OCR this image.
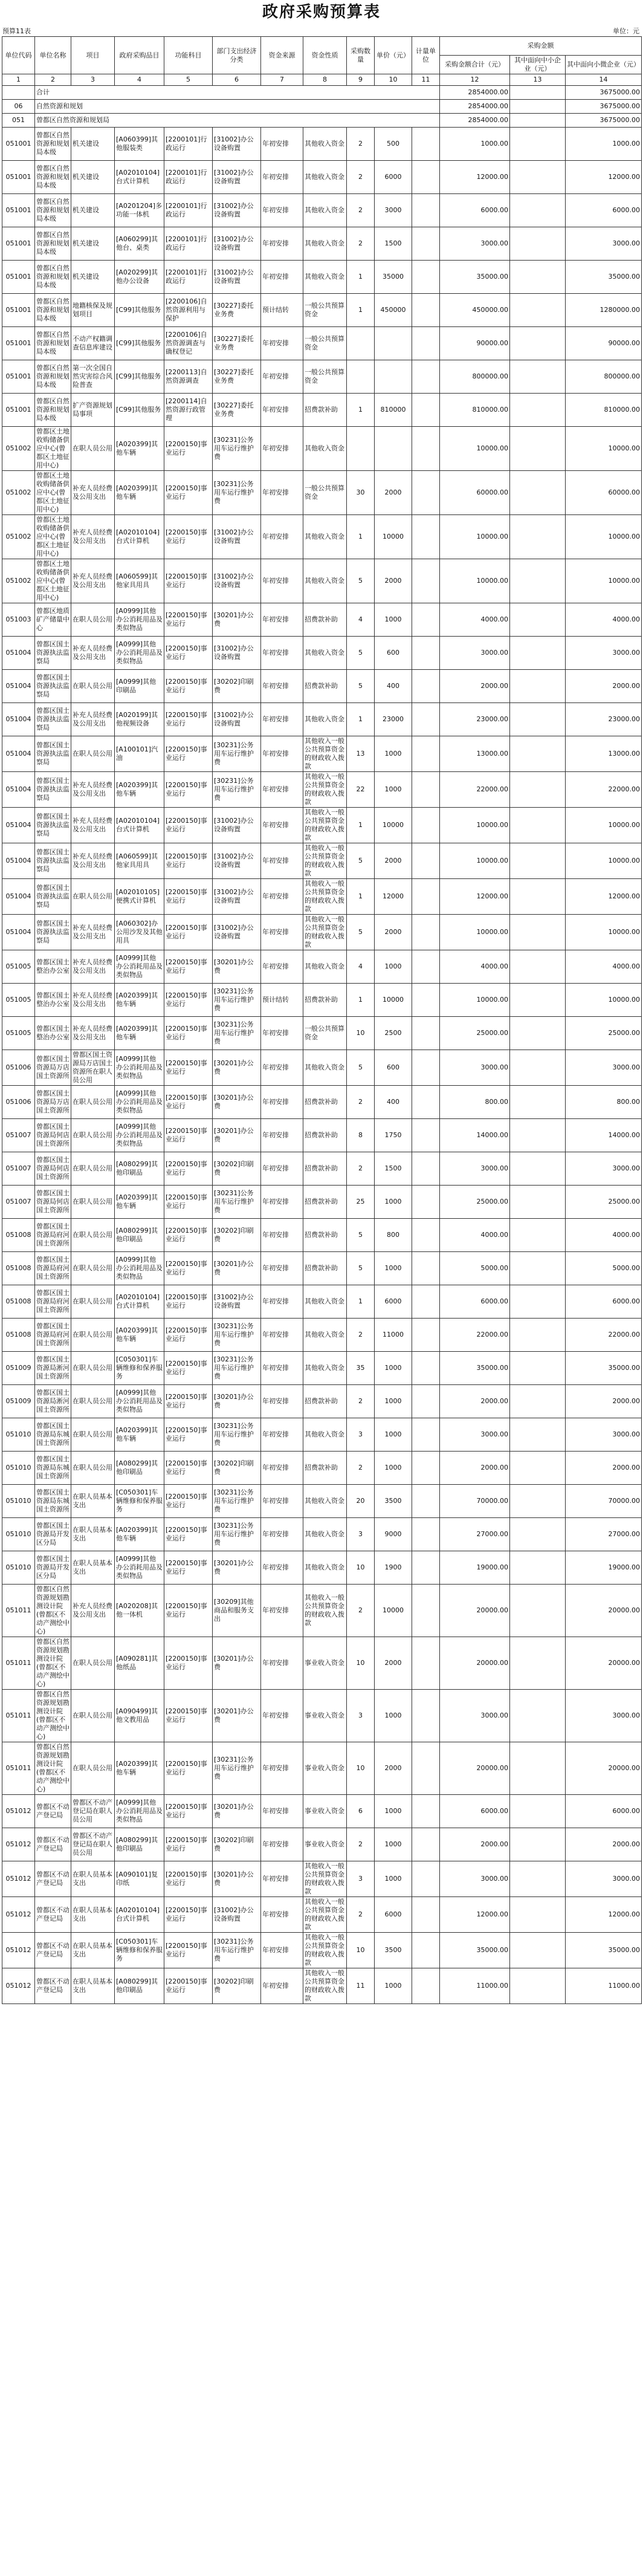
政府采购预算表
预算11表	单位：元
单位代码	单位名称	项目	政府采购品目	功能科目	部门支出经济分类	资金来源	资金性质	采购数量	单价（元）	计量单位	采购金额		
											采购金额合计（元）	其中面向中小企业（元）	其中面向小微企业（元）
1	2	3	4	5	6	7	8	9	10	11	12	13	14
	合计										2854000.00		3675000.00
06	自然资源和规划										2854000.00		3675000.00
051	曾都区自然资源和规划局										2854000.00		3675000.00
051001	曾都区自然资源和规划局本级	机关建设	[A060399]其他服装类	[2200101]行政运行	[31002]办公设备购置	年初安排	其他收入资金	2	500		1000.00		1000.00
051001	曾都区自然资源和规划局本级	机关建设	[A02010104]台式计算机	[2200101]行政运行	[31002]办公设备购置	年初安排	其他收入资金	2	6000		12000.00		12000.00
051001	曾都区自然资源和规划局本级	机关建设	[A0201204]多功能一体机	[2200101]行政运行	[31002]办公设备购置	年初安排	其他收入资金	2	3000		6000.00		6000.00
051001	曾都区自然资源和规划局本级	机关建设	[A060299]其他台、桌类	[2200101]行政运行	[31002]办公设备购置	年初安排	其他收入资金	2	1500		3000.00		3000.00
051001	曾都区自然资源和规划局本级	机关建设	[A020299]其他办公设备	[2200101]行政运行	[31002]办公设备购置	年初安排	其他收入资金	1	35000		35000.00		35000.00
051001	曾都区自然资源和规划局本级	地籍核保及规划项目	[C99]其他服务	[2200106]自然资源利用与保护	[30227]委托业务费	预计结转	一般公共预算资金	1	450000		450000.00		1280000.00
051001	曾都区自然资源和规划局本级	不动产权籍调查信息库建设	[C99]其他服务	[2200106]自然资源调查与确权登记	[30227]委托业务费	年初安排	一般公共预算资金				90000.00		90000.00
051001	曾都区自然资源和规划局本级	第一次全国自然灾害综合风险普查	[C99]其他服务	[2200113]自然资源调查	[30227]委托业务费	年初安排	一般公共预算资金				800000.00		800000.00
051001	曾都区自然资源和规划局本级	扩产资源规划局事项	[C99]其他服务	[2200114]自然资源行政管理	[30227]委托业务费	年初安排	招费款补助	1	810000		810000.00		810000.00
051002	曾都区土地收购储备供应中心(曾都区土地征用中心)	在职人员公用	[A020399]其他车辆	[2200150]事业运行	[30231]公务用车运行维护费	年初安排	其他收入资金				10000.00		10000.00
051002	曾都区土地收购储备供应中心(曾都区土地征用中心)	补充人员经费及公用支出	[A020399]其他车辆	[2200150]事业运行	[30231]公务用车运行维护费	年初安排	一般公共预算资金	30	2000		60000.00		60000.00
051002	曾都区土地收购储备供应中心(曾都区土地征用中心)	补充人员经费及公用支出	[A02010104]台式计算机	[2200150]事业运行	[31002]办公设备购置	年初安排	其他收入资金	1	10000		10000.00		10000.00
051002	曾都区土地收购储备供应中心(曾都区土地征用中心)	补充人员经费及公用支出	[A060599]其他家具用具	[2200150]事业运行	[31002]办公设备购置	年初安排	其他收入资金	5	2000		10000.00		10000.00
051003	曾都区地质矿产储量中心	在职人员公用	[A0999]其他办公消耗用品及类似物品	[2200150]事业运行	[30201]办公费	年初安排	招费款补助	4	1000		4000.00		4000.00
051004	曾都区国土资源执法监察局	补充人员经费及公用支出	[A0999]其他办公消耗用品及类似物品	[2200150]事业运行	[31002]办公设备购置	年初安排	其他收入资金	5	600		3000.00		3000.00
051004	曾都区国土资源执法监察局	在职人员公用	[A0999]其他印刷品	[2200150]事业运行	[30202]印刷费	年初安排	招费款补助	5	400		2000.00		2000.00
051004	曾都区国土资源执法监察局	补充人员经费及公用支出	[A020199]其他视频设备	[2200150]事业运行	[31002]办公设备购置	年初安排	其他收入资金	1	23000		23000.00		23000.00
051004	曾都区国土资源执法监察局	在职人员公用	[A100101]汽油	[2200150]事业运行	[30231]公务用车运行维护费	年初安排	其他收入一般公共预算资金的财政收入拨款	13	1000		13000.00		13000.00
051004	曾都区国土资源执法监察局	补充人员经费及公用支出	[A020399]其他车辆	[2200150]事业运行	[30231]公务用车运行维护费	年初安排	其他收入一般公共预算资金的财政收入拨款	22	1000		22000.00		22000.00
051004	曾都区国土资源执法监察局	补充人员经费及公用支出	[A02010104]台式计算机	[2200150]事业运行	[31002]办公设备购置	年初安排	其他收入一般公共预算资金的财政收入拨款	1	10000		10000.00		10000.00
051004	曾都区国土资源执法监察局	补充人员经费及公用支出	[A060599]其他家具用具	[2200150]事业运行	[31002]办公设备购置	年初安排	其他收入一般公共预算资金的财政收入拨款	5	2000		10000.00		10000.00
051004	曾都区国土资源执法监察局	在职人员公用	[A02010105]便携式计算机	[2200150]事业运行	[31002]办公设备购置	年初安排	其他收入一般公共预算资金的财政收入拨款	1	12000		12000.00		12000.00
051004	曾都区国土资源执法监察局	补充人员经费及公用支出	[A060302]办公用沙发及其他用具	[2200150]事业运行	[31002]办公设备购置	年初安排	其他收入一般公共预算资金的财政收入拨款	5	2000		10000.00		10000.00
051005	曾都区国土整治办公室	补充人员经费及公用支出	[A0999]其他办公消耗用品及类似物品	[2200150]事业运行	[30201]办公费	年初安排	其他收入资金	4	1000		4000.00		4000.00
051005	曾都区国土整治办公室	补充人员经费及公用支出	[A020399]其他车辆	[2200150]事业运行	[30231]公务用车运行维护费	预计结转	招费款补助	1	10000		10000.00		10000.00
051005	曾都区国土整治办公室	补充人员经费及公用支出	[A020399]其他车辆	[2200150]事业运行	[30231]公务用车运行维护费	年初安排	一般公共预算资金	10	2500		25000.00		25000.00
051006	曾都区国土资源局万店国土资源所	曾都区国土资源局万店国土资源所在职人员公用	[A0999]其他办公消耗用品及类似物品	[2200150]事业运行	[30201]办公费	年初安排	其他收入资金	5	600		3000.00		3000.00
051006	曾都区国土资源局万店国土资源所	在职人员公用	[A0999]其他办公消耗用品及类似物品	[2200150]事业运行	[30201]办公费	年初安排	招费款补助	2	400		800.00		800.00
051007	曾都区国土资源局何店国土资源所	在职人员公用	[A0999]其他办公消耗用品及类似物品	[2200150]事业运行	[30201]办公费	年初安排	招费款补助	8	1750		14000.00		14000.00
051007	曾都区国土资源局何店国土资源所	在职人员公用	[A080299]其他印刷品	[2200150]事业运行	[30202]印刷费	年初安排	招费款补助	2	1500		3000.00		3000.00
051007	曾都区国土资源局何店国土资源所	在职人员公用	[A020399]其他车辆	[2200150]事业运行	[30231]公务用车运行维护费	年初安排	招费款补助	25	1000		25000.00		25000.00
051008	曾都区国土资源局府河国土资源所	在职人员公用	[A080299]其他印刷品	[2200150]事业运行	[30202]印刷费	年初安排	招费款补助	5	800		4000.00		4000.00
051008	曾都区国土资源局府河国土资源所	在职人员公用	[A0999]其他办公消耗用品及类似物品	[2200150]事业运行	[30201]办公费	年初安排	招费款补助	5	1000		5000.00		5000.00
051008	曾都区国土资源局府河国土资源所	在职人员公用	[A02010104]台式计算机	[2200150]事业运行	[31002]办公设备购置	年初安排	其他收入资金	1	6000		6000.00		6000.00
051008	曾都区国土资源局府河国土资源所	在职人员公用	[A020399]其他车辆	[2200150]事业运行	[30231]公务用车运行维护费	年初安排	其他收入资金	2	11000		22000.00		22000.00
051009	曾都区国土资源局淅河国土资源所	在职人员公用	[C050301]车辆维修和保养服务	[2200150]事业运行	[30231]公务用车运行维护费	年初安排	其他收入资金	35	1000		35000.00		35000.00
051009	曾都区国土资源局淅河国土资源所	在职人员公用	[A0999]其他办公消耗用品及类似物品	[2200150]事业运行	[30201]办公费	年初安排	招费款补助	2	1000		2000.00		2000.00
051010	曾都区国土资源局东城国土资源所	在职人员公用	[A020399]其他车辆	[2200150]事业运行	[30231]公务用车运行维护费	年初安排	其他收入资金	3	1000		3000.00		3000.00
051010	曾都区国土资源局东城国土资源所	在职人员公用	[A080299]其他印刷品	[2200150]事业运行	[30202]印刷费	年初安排	招费款补助	2	1000		2000.00		2000.00
051010	曾都区国土资源局东城国土资源所	在职人员基本支出	[C050301]车辆维修和保养服务	[2200150]事业运行	[30231]公务用车运行维护费	年初安排	其他收入资金	20	3500		70000.00		70000.00
051010	曾都区国土资源局开发区分局	在职人员基本支出	[A020399]其他车辆	[2200150]事业运行	[30231]公务用车运行维护费	年初安排	其他收入资金	3	9000		27000.00		27000.00
051010	曾都区国土资源局开发区分局	在职人员基本支出	[A0999]其他办公消耗用品及类似物品	[2200150]事业运行	[30201]办公费	年初安排	其他收入资金	10	1900		19000.00		19000.00
051011	曾都区自然资源规划勘测设计院(曾都区不动产测绘中心)	补充人员经费及公用支出	[A020208]其他一体机	[2200150]事业运行	[30209]其他商品和服务支出	年初安排	其他收入一般公共预算资金的财政收入拨款	2	10000		20000.00		20000.00
051011	曾都区自然资源规划勘测设计院(曾都区不动产测绘中心)	在职人员公用	[A090281]其他纸品	[2200150]事业运行	[30201]办公费	年初安排	事业收入资金	10	2000		20000.00		20000.00
051011	曾都区自然资源规划勘测设计院(曾都区不动产测绘中心)	在职人员公用	[A090499]其他文教用品	[2200150]事业运行	[30201]办公费	年初安排	事业收入资金	3	1000		3000.00		3000.00
051011	曾都区自然资源规划勘测设计院(曾都区不动产测绘中心)	在职人员公用	[A020399]其他车辆	[2200150]事业运行	[30231]公务用车运行维护费	年初安排	事业收入资金	10	2000		20000.00		20000.00
051012	曾都区不动产登记局	曾都区不动产登记局在职人员公用	[A0999]其他办公消耗用品及类似物品	[2200150]事业运行	[30201]办公费	年初安排	事业收入资金	6	1000		6000.00		6000.00
051012	曾都区不动产登记局	曾都区不动产登记局在职人员公用	[A080299]其他印刷品	[2200150]事业运行	[30202]印刷费	年初安排	事业收入资金	2	1000		2000.00		2000.00
051012	曾都区不动产登记局	在职人员基本支出	[A090101]复印纸	[2200150]事业运行	[30201]办公费	年初安排	其他收入一般公共预算资金的财政收入拨款	3	1000		3000.00		3000.00
051012	曾都区不动产登记局	在职人员基本支出	[A02010104]台式计算机	[2200150]事业运行	[31002]办公设备购置	年初安排	其他收入一般公共预算资金的财政收入拨款	2	6000		12000.00		12000.00
051012	曾都区不动产登记局	在职人员基本支出	[C050301]车辆维修和保养服务	[2200150]事业运行	[30231]公务用车运行维护费	年初安排	其他收入一般公共预算资金的财政收入拨款	10	3500		35000.00		35000.00
051012	曾都区不动产登记局	在职人员基本支出	[A080299]其他印刷品	[2200150]事业运行	[30202]印刷费	年初安排	其他收入一般公共预算资金的财政收入拨款	11	1000		11000.00		11000.00
